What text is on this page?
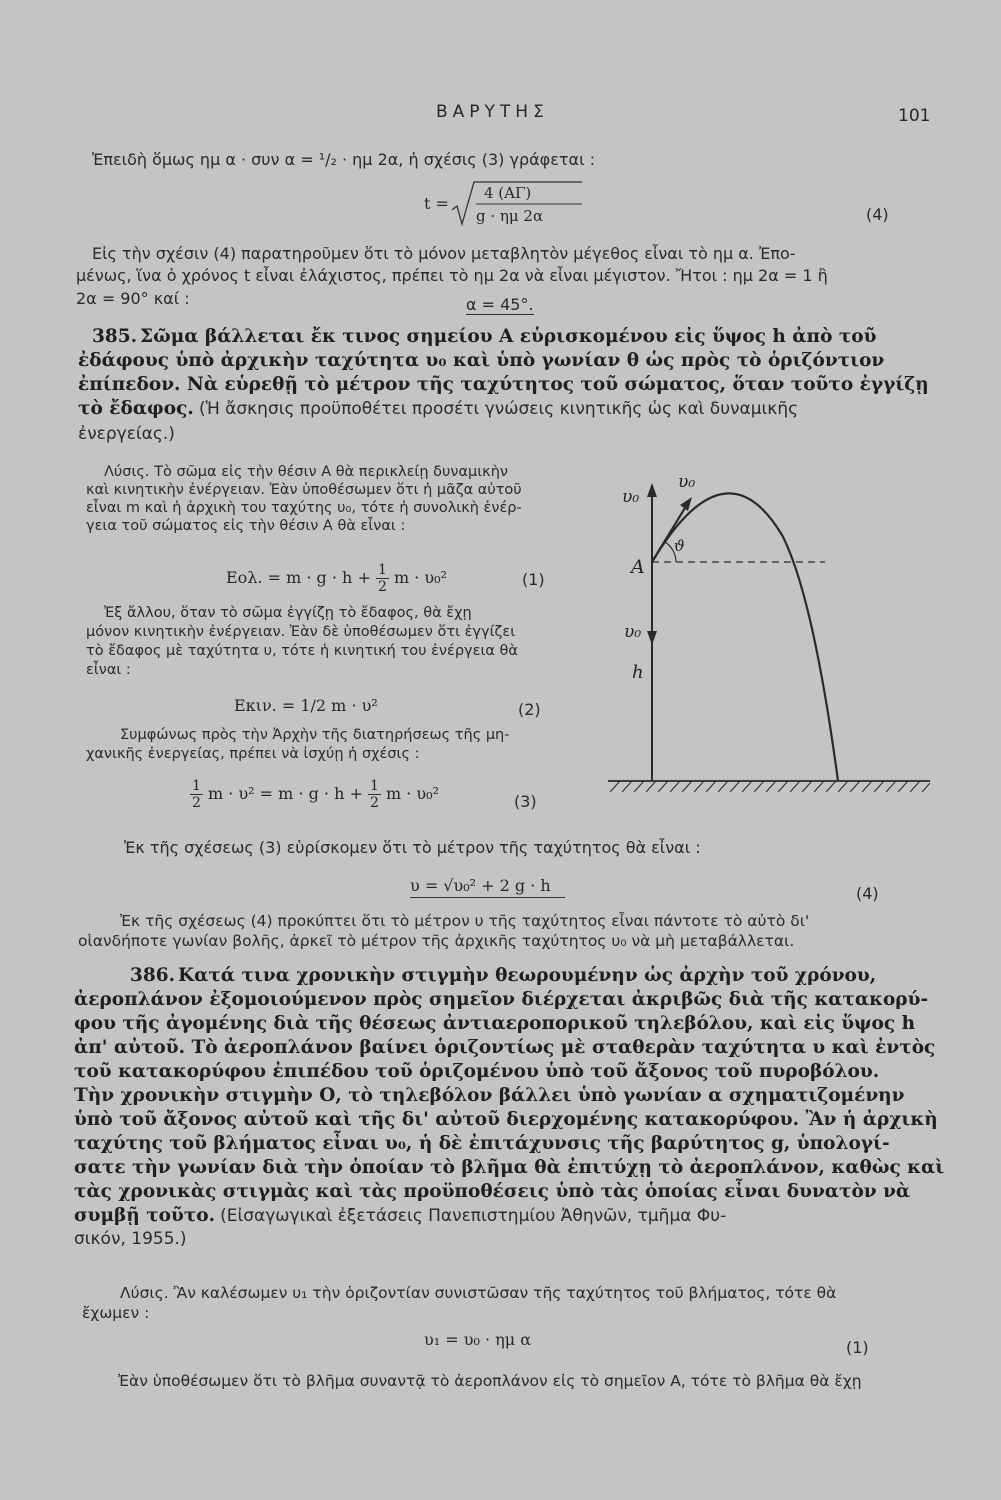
ΒΑΡΥΤΗΣ	101
Ἐπειδὴ ὅμως ημ α · συν α = ¹/₂ · ημ 2α, ἡ σχέσις (3) γράφεται :
t =
4 (ΑΓ)
g · ημ 2α	(4)
Εἰς τὴν σχέσιν (4) παρατηροῦμεν ὅτι τὸ μόνον μεταβλητὸν μέγεθος εἶναι τὸ ημ α. Ἐπο-
μένως, ἵνα ὁ χρόνος t εἶναι ἐλάχιστος, πρέπει τὸ ημ 2α νὰ εἶναι μέγιστον. Ἤτοι : ημ 2α = 1 ἢ
2α = 90° καί :	α = 45°.
385. Σῶμα βάλλεται ἔκ τινος σημείου Α εὑρισκομένου εἰς ὕψος h ἀπὸ τοῦ
ἐδάφους ὑπὸ ἀρχικὴν ταχύτητα υ₀ καὶ ὑπὸ γωνίαν θ ὡς πρὸς τὸ ὁριζόντιον
ἐπίπεδον. Νὰ εὑρεθῇ τὸ μέτρον τῆς ταχύτητος τοῦ σώματος, ὅταν τοῦτο ἐγγίζῃ
τὸ ἔδαφος. (Ἡ ἄσκησις προϋποθέτει προσέτι γνώσεις κινητικῆς ὡς καὶ δυναμικῆς
ἐνεργείας.)
Λύσις. Τὸ σῶμα εἰς τὴν θέσιν Α θὰ περικλείῃ δυναμικὴν
καὶ κινητικὴν ἐνέργειαν. Ἐὰν ὑποθέσωμεν ὅτι ἡ μᾶζα αὐτοῦ
εἶναι m καὶ ἡ ἀρχικὴ του ταχύτης υ₀, τότε ἡ συνολικὴ ἐνέρ-
γεια τοῦ σώματος εἰς τὴν θέσιν Α θὰ εἶναι :
Eολ. = $m \cdot g \cdot h + \frac{1}{2}$ m · υ₀²	(1)
Ἐξ ἄλλου, ὅταν τὸ σῶμα ἐγγίζῃ τὸ ἔδαφος, θὰ ἔχῃ
μόνον κινητικὴν ἐνέργειαν. Ἐὰν δὲ ὑποθέσωμεν ὅτι ἐγγίζει
τὸ ἔδαφος μὲ ταχύτητα υ, τότε ἡ κινητική του ἐνέργεια θὰ
εἶναι :
Eκιν. = 1/2 m · υ²	(2)
Συμφώνως πρὸς τὴν Ἀρχὴν τῆς διατηρήσεως τῆς μη-
χανικῆς ἐνεργείας, πρέπει νὰ ἰσχύῃ ἡ σχέσις :
$\frac{1}{2}$ $m \cdot \upsilon^2 = m \cdot g \cdot h + \frac{1}{2}$ m · υ₀²	(3)
Ἐκ τῆς σχέσεως (3) εὑρίσκομεν ὅτι τὸ μέτρον τῆς ταχύτητος θὰ εἶναι :
υ = √υ₀² + 2 g · h	(4)
Ἐκ τῆς σχέσεως (4) προκύπτει ὅτι τὸ μέτρον υ τῆς ταχύτητος εἶναι πάντοτε τὸ αὐτὸ δι'
οἱανδήποτε γωνίαν βολῆς, ἀρκεῖ τὸ μέτρον τῆς ἀρχικῆς ταχύτητος υ₀ νὰ μὴ μεταβάλλεται.
υ₀
υ₀
ϑ
A
υ₀
h
386. Κατά τινα χρονικὴν στιγμὴν θεωρουμένην ὡς ἀρχὴν τοῦ χρόνου,
ἀεροπλάνον ἐξομοιούμενον πρὸς σημεῖον διέρχεται ἀκριβῶς διὰ τῆς κατακορύ-
φου τῆς ἀγομένης διὰ τῆς θέσεως ἀντιαεροπορικοῦ τηλεβόλου, καὶ εἰς ὕψος h
ἀπ' αὐτοῦ. Τὸ ἀεροπλάνον βαίνει ὁριζοντίως μὲ σταθερὰν ταχύτητα υ καὶ ἐντὸς
τοῦ κατακορύφου ἐπιπέδου τοῦ ὁριζομένου ὑπὸ τοῦ ἄξονος τοῦ πυροβόλου.
Τὴν χρονικὴν στιγμὴν Ο, τὸ τηλεβόλον βάλλει ὑπὸ γωνίαν α σχηματιζομένην
ὑπὸ τοῦ ἄξονος αὐτοῦ καὶ τῆς δι' αὐτοῦ διερχομένης κατακορύφου. Ἂν ἡ ἀρχικὴ
ταχύτης τοῦ βλήματος εἶναι υ₀, ἡ δὲ ἐπιτάχυνσις τῆς βαρύτητος g, ὑπολογί-
σατε τὴν γωνίαν διὰ τὴν ὁποίαν τὸ βλῆμα θὰ ἐπιτύχῃ τὸ ἀεροπλάνον, καθὼς καὶ
τὰς χρονικὰς στιγμὰς καὶ τὰς προϋποθέσεις ὑπὸ τὰς ὁποίας εἶναι δυνατὸν νὰ
συμβῇ τοῦτο. (Εἰσαγωγικαὶ ἐξετάσεις Πανεπιστημίου Ἀθηνῶν, τμῆμα Φυ-
σικόν, 1955.)
Λύσις. Ἂν καλέσωμεν υ₁ τὴν ὁριζοντίαν συνιστῶσαν τῆς ταχύτητος τοῦ βλήματος, τότε θὰ
ἔχωμεν :
υ₁ = υ₀ · ημ α	(1)
Ἐὰν ὑποθέσωμεν ὅτι τὸ βλῆμα συναντᾷ τὸ ἀεροπλάνον εἰς τὸ σημεῖον Α, τότε τὸ βλῆμα θὰ ἔχῃ
